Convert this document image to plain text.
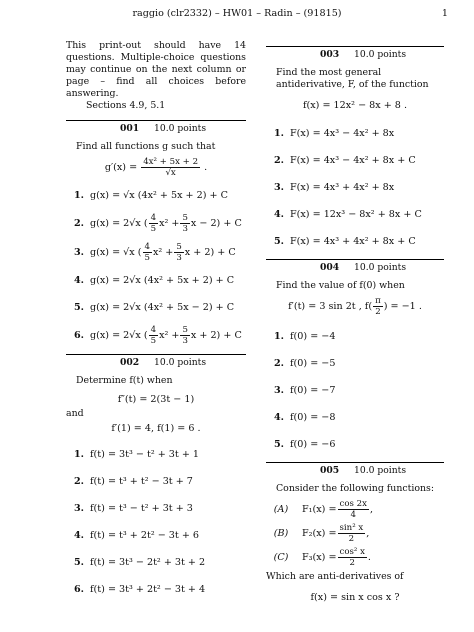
raggio (clr2332) – HW01 – Radin – (91815)	1

This print-out should have 14 questions. Multiple-choice questions may continue on the next column or page – find all choices before answering.

Sections 4.9, 5.1

001 10.0 points
Find all functions g such that
$g'(x) = \frac{\text{4x² + 5x + 2}}{√x}$ .
1. g(x) = √x (4x² + 5x + 2) + C
2. g(x) = 2√x ( $\frac{4}{5} x^2 + \frac{5}{3}$ x − 2) + C
3. g(x) = √x ( $\frac{4}{5} x^2 + \frac{5}{3}$ x + 2) + C
4. g(x) = 2√x (4x² + 5x + 2) + C
5. g(x) = 2√x (4x² + 5x − 2) + C
6. g(x) = 2√x ( $\frac{4}{5} x^2 + \frac{5}{3}$ x + 2) + C
002 10.0 points
Determine f(t) when
f″(t) = 2(3t − 1)
and
f′(1) = 4, f(1) = 6 .
1. f(t) = 3t³ − t² + 3t + 1
2. f(t) = t³ + t² − 3t + 7
3. f(t) = t³ − t² + 3t + 3
4. f(t) = t³ + 2t² − 3t + 6
5. f(t) = 3t³ − 2t² + 3t + 2
6. f(t) = 3t³ + 2t² − 3t + 4
003 10.0 points
Find the most general antiderivative, F, of the function
f(x) = 12x² − 8x + 8 .
1. F(x) = 4x³ − 4x² + 8x
2. F(x) = 4x³ − 4x² + 8x + C
3. F(x) = 4x³ + 4x² + 8x
4. F(x) = 12x³ − 8x² + 8x + C
5. F(x) = 4x³ + 4x² + 8x + C
004 10.0 points
Find the value of f(0) when
f′(t) = 3 sin 2t , $f( \frac{\pi}{2}$ ) = −1 .
1. f(0) = −4
2. f(0) = −5
3. f(0) = −7
4. f(0) = −8
5. f(0) = −6
005 10.0 points
Consider the following functions:
(A)	$F_1(x) = \frac{\cos 2x}{4}$ ,
(B)	$F_2(x) = \frac{\text{sin² x}}{2}$ ,
(C)	$F_3(x) = \frac{\text{cos² x}}{2}$ .
Which are anti-derivatives of
f(x) = sin x cos x ?
